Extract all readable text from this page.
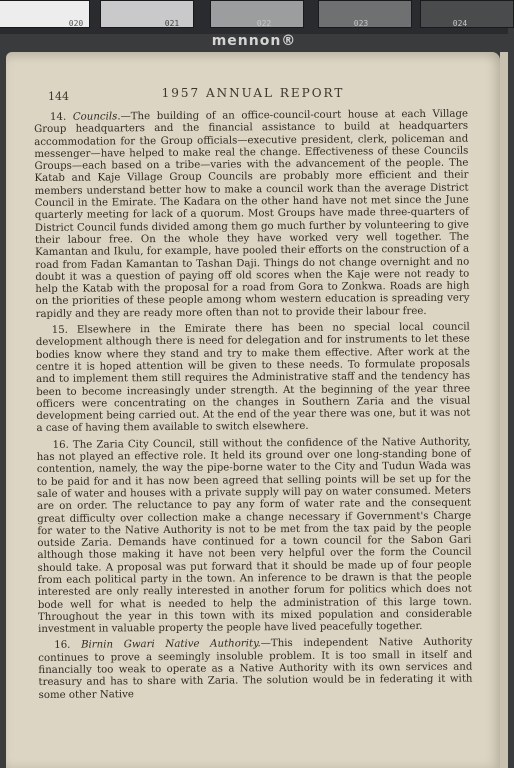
020	021	022	023	024
mennon®
144	1957 ANNUAL REPORT

14. Councils.—The building of an office-council-court house at each Village Group headquarters and the financial assistance to build at headquarters accommodation for the Group officials—executive president, clerk, policeman and messenger—have helped to make real the change. Effectiveness of these Councils Groups—each based on a tribe—varies with the advancement of the people. The Katab and Kaje Village Group Councils are probably more efficient and their members understand better how to make a council work than the average District Council in the Emirate. The Kadara on the other hand have not met since the June quarterly meeting for lack of a quorum. Most Groups have made three-quarters of District Council funds divided among them go much further by volunteering to give their labour free. On the whole they have worked very well together. The Kamantan and Ikulu, for example, have pooled their efforts on the construction of a road from Fadan Kamantan to Tashan Daji. Things do not change overnight and no doubt it was a question of paying off old scores when the Kaje were not ready to help the Katab with the proposal for a road from Gora to Zonkwa. Roads are high on the priorities of these people among whom western education is spreading very rapidly and they are ready more often than not to provide their labour free.

15. Elsewhere in the Emirate there has been no special local council development although there is need for delegation and for instruments to let these bodies know where they stand and try to make them effective. After work at the centre it is hoped attention will be given to these needs. To formulate proposals and to implement them still requires the Administrative staff and the tendency has been to become increasingly under strength. At the beginning of the year three officers were concentrating on the changes in Southern Zaria and the visual development being carried out. At the end of the year there was one, but it was not a case of having them available to switch elsewhere.

16. The Zaria City Council, still without the confidence of the Native Authority, has not played an effective role. It held its ground over one long-standing bone of contention, namely, the way the pipe-borne water to the City and Tudun Wada was to be paid for and it has now been agreed that selling points will be set up for the sale of water and houses with a private supply will pay on water consumed. Meters are on order. The reluctance to pay any form of water rate and the consequent great difficulty over collection make a change necessary if Government's Charge for water to the Native Authority is not to be met from the tax paid by the people outside Zaria. Demands have continued for a town council for the Sabon Gari although those making it have not been very helpful over the form the Council should take. A proposal was put forward that it should be made up of four people from each political party in the town. An inference to be drawn is that the people interested are only really interested in another forum for politics which does not bode well for what is needed to help the administration of this large town. Throughout the year in this town with its mixed population and considerable investment in valuable property the people have lived peacefully together.

16. Birnin Gwari Native Authority.—This independent Native Authority continues to prove a seemingly insoluble problem. It is too small in itself and financially too weak to operate as a Native Authority with its own services and treasury and has to share with Zaria. The solution would be in federating it with some other Native
